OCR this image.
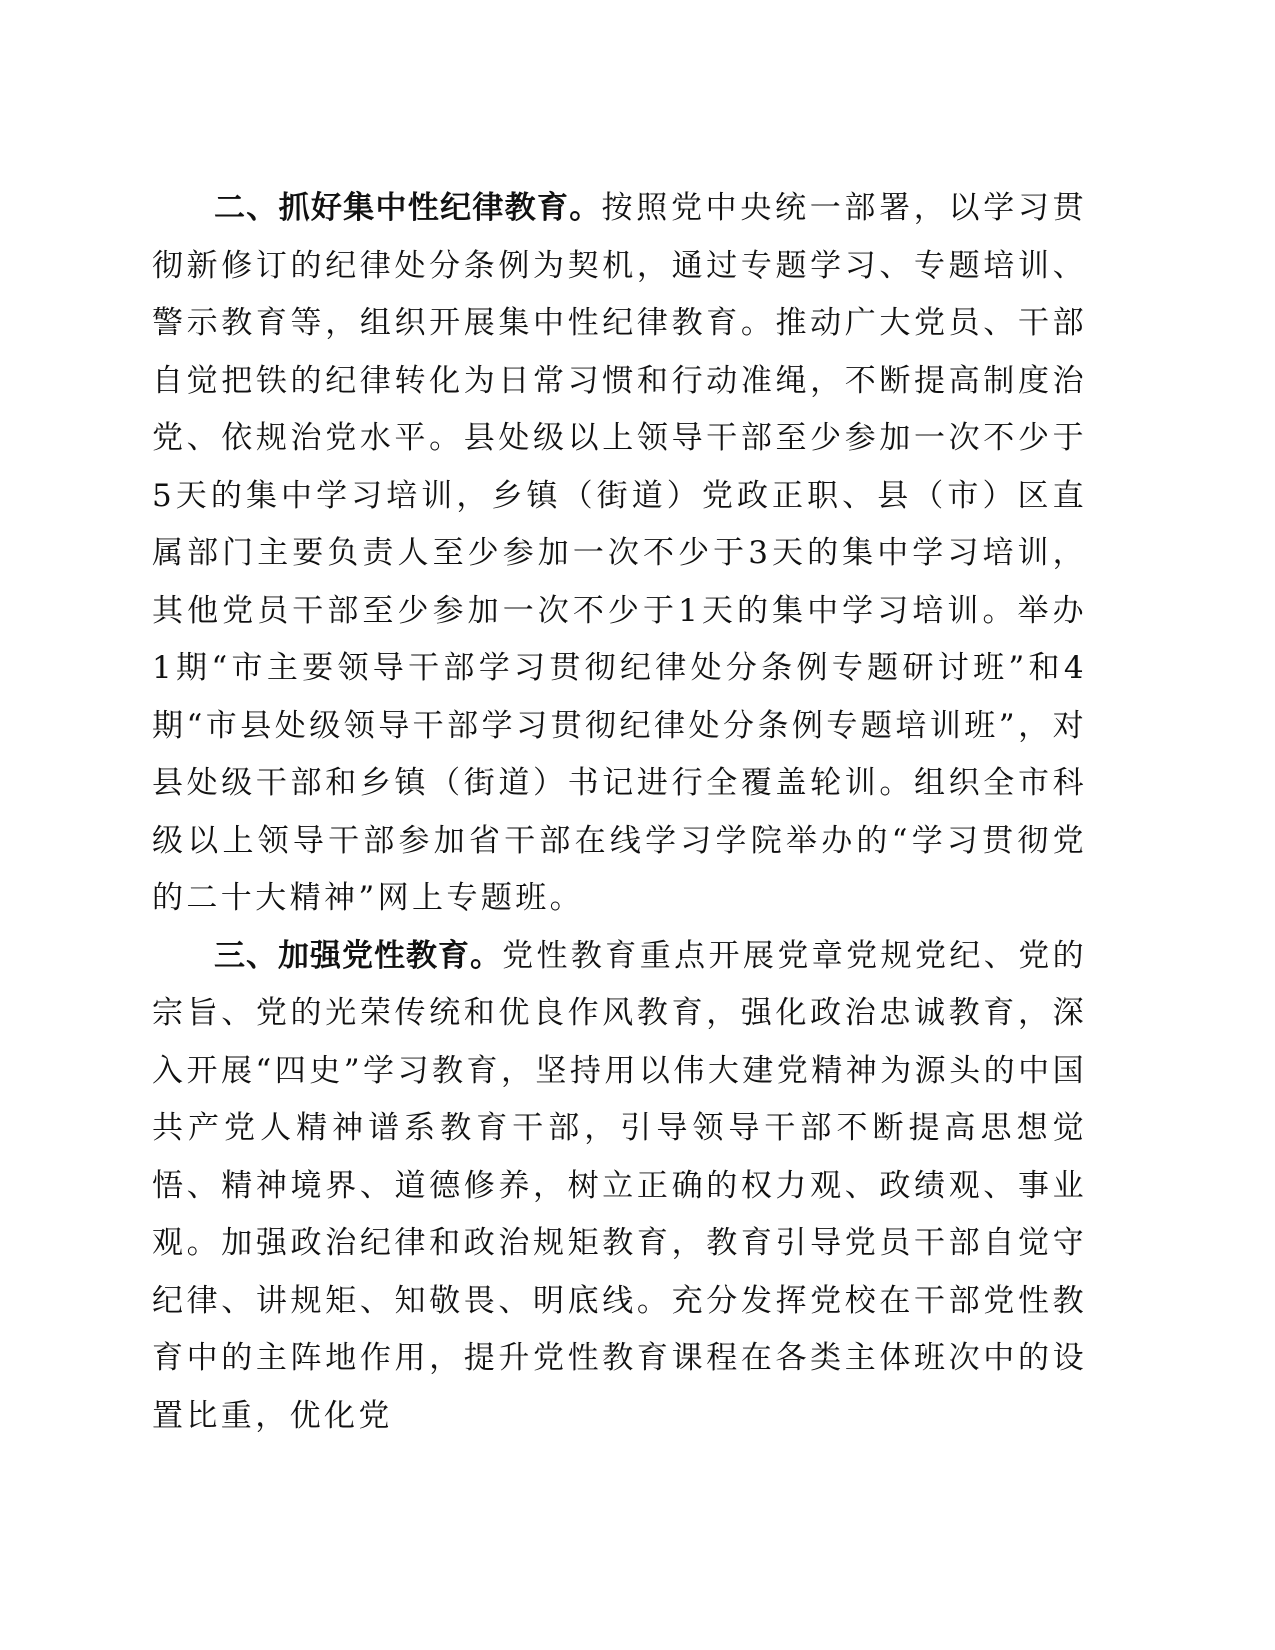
二、抓好集中性纪律教育。按照党中央统一部署，以学习贯彻新修订的纪律处分条例为契机，通过专题学习、专题培训、警示教育等，组织开展集中性纪律教育。推动广大党员、干部自觉把铁的纪律转化为日常习惯和行动准绳，不断提高制度治党、依规治党水平。县处级以上领导干部至少参加一次不少于5天的集中学习培训，乡镇（街道）党政正职、县（市）区直属部门主要负责人至少参加一次不少于3天的集中学习培训，其他党员干部至少参加一次不少于1天的集中学习培训。举办1期“市主要领导干部学习贯彻纪律处分条例专题研讨班”和4期“市县处级领导干部学习贯彻纪律处分条例专题培训班”，对县处级干部和乡镇（街道）书记进行全覆盖轮训。组织全市科级以上领导干部参加省干部在线学习学院举办的“学习贯彻党的二十大精神”网上专题班。

三、加强党性教育。党性教育重点开展党章党规党纪、党的宗旨、党的光荣传统和优良作风教育，强化政治忠诚教育，深入开展“四史”学习教育，坚持用以伟大建党精神为源头的中国共产党人精神谱系教育干部，引导领导干部不断提高思想觉悟、精神境界、道德修养，树立正确的权力观、政绩观、事业观。加强政治纪律和政治规矩教育，教育引导党员干部自觉守纪律、讲规矩、知敬畏、明底线。充分发挥党校在干部党性教育中的主阵地作用，提升党性教育课程在各类主体班次中的设置比重，优化党
